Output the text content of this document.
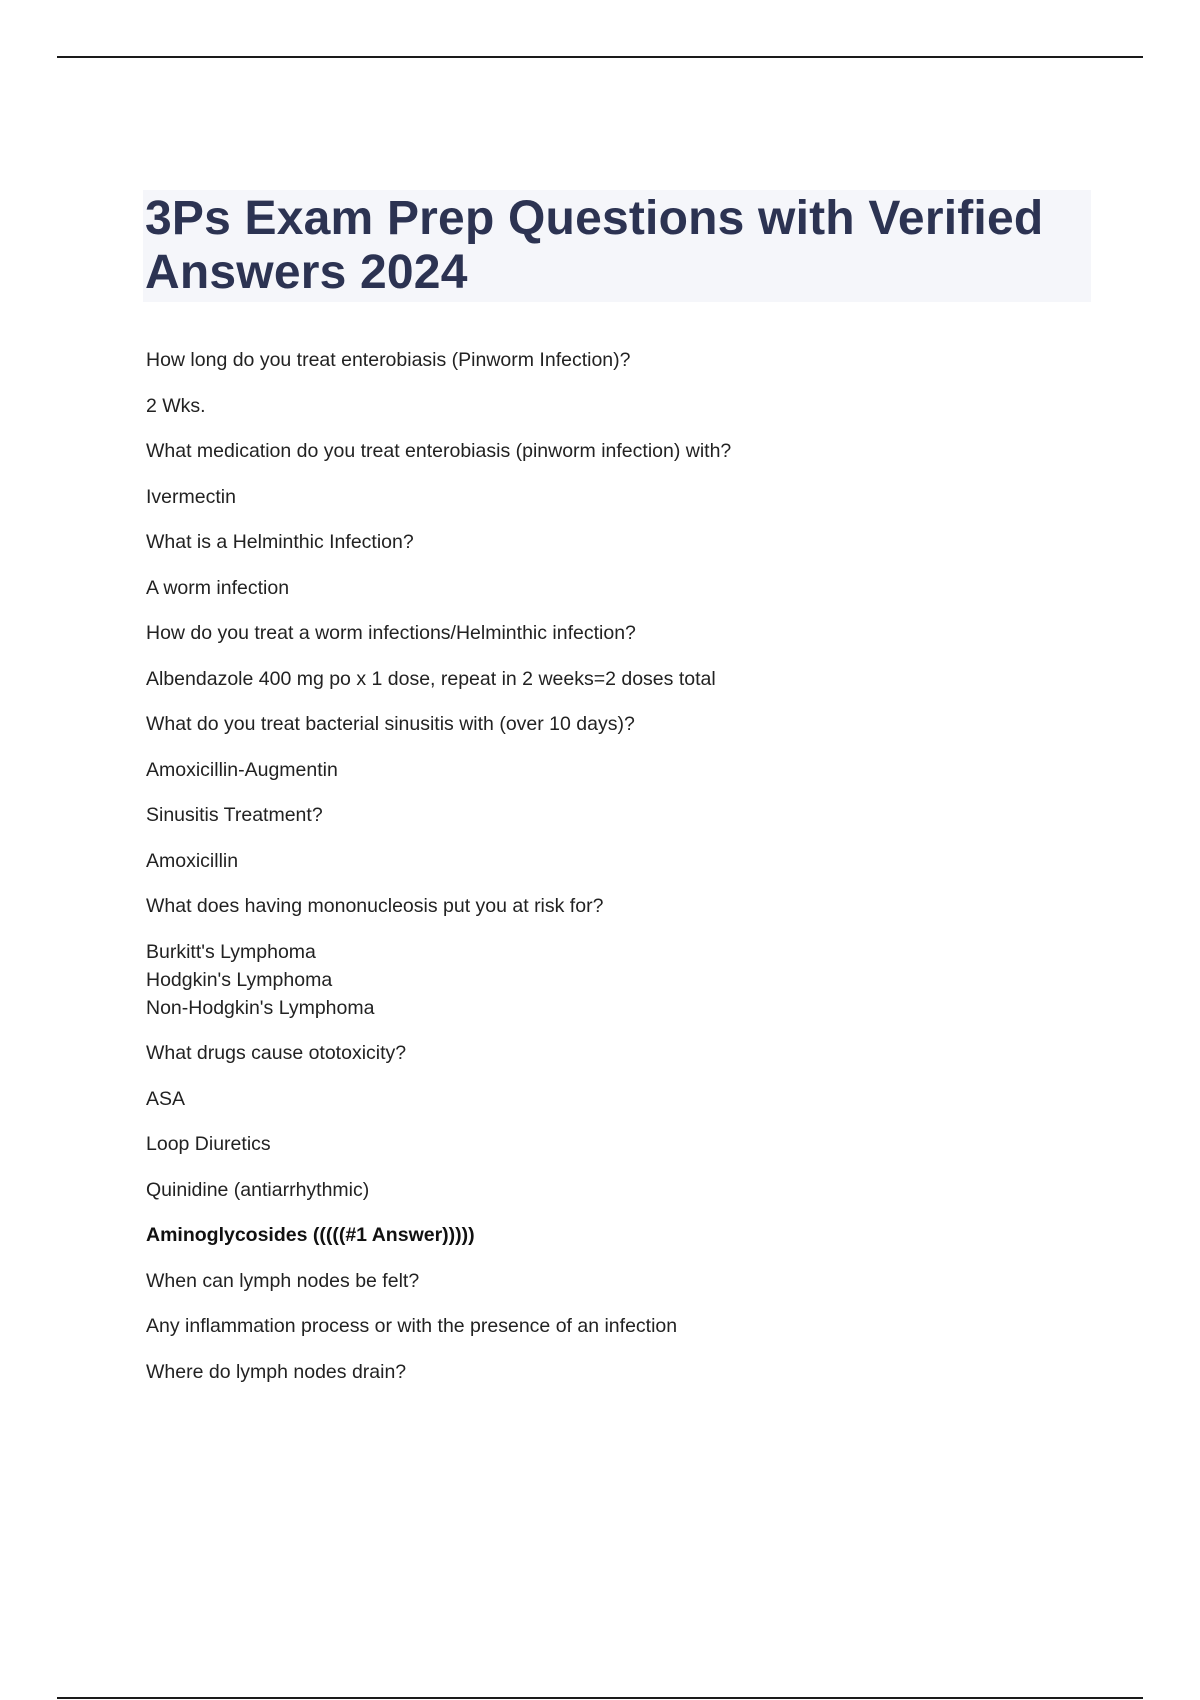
3Ps Exam Prep Questions with Verified Answers 2024

How long do you treat enterobiasis (Pinworm Infection)?

2 Wks.

What medication do you treat enterobiasis (pinworm infection) with?

Ivermectin

What is a Helminthic Infection?

A worm infection

How do you treat a worm infections/Helminthic infection?

Albendazole 400 mg po x 1 dose, repeat in 2 weeks=2 doses total

What do you treat bacterial sinusitis with (over 10 days)?

Amoxicillin-Augmentin

Sinusitis Treatment?

Amoxicillin

What does having mononucleosis put you at risk for?

Burkitt's Lymphoma

Hodgkin's Lymphoma

Non-Hodgkin's Lymphoma

What drugs cause ototoxicity?

ASA

Loop Diuretics

Quinidine (antiarrhythmic)

Aminoglycosides (((((#1 Answer)))))

When can lymph nodes be felt?

Any inflammation process or with the presence of an infection

Where do lymph nodes drain?
